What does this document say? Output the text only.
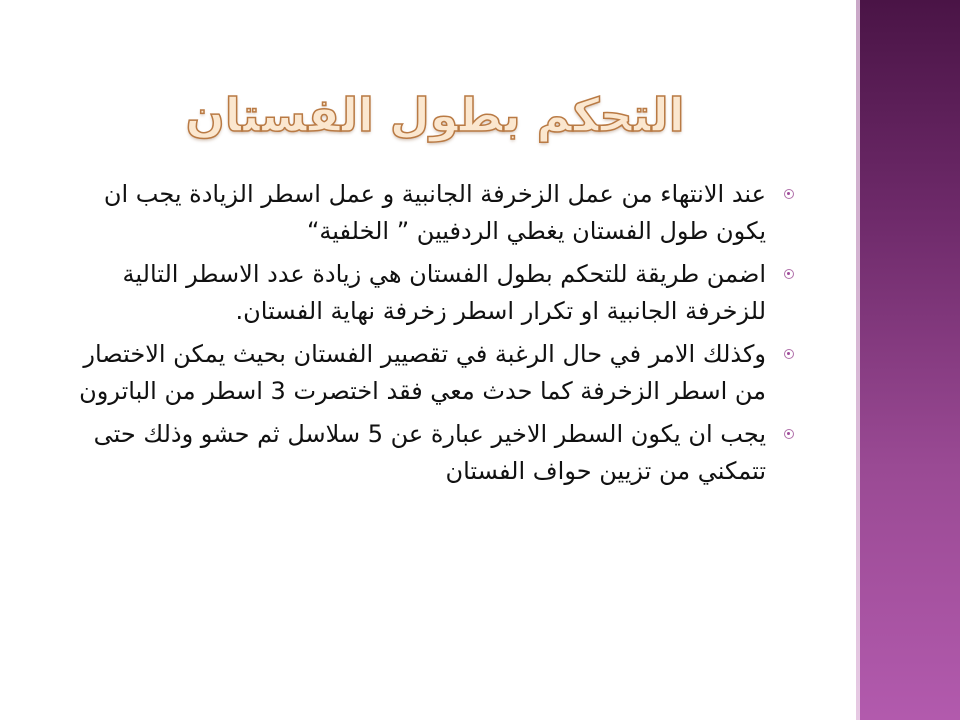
التحكم بطول الفستان
عند الانتهاء من عمل الزخرفة الجانبية و عمل اسطر الزيادة يجب ان يكون طول الفستان يغطي الردفيين ” الخلفية“
اضمن طريقة للتحكم بطول الفستان هي زيادة عدد الاسطر التالية للزخرفة الجانبية او تكرار اسطر زخرفة نهاية الفستان.
وكذلك الامر في حال الرغبة في تقصيير الفستان بحيث يمكن الاختصار من اسطر الزخرفة كما حدث معي فقد اختصرت 3 اسطر من الباترون
يجب ان يكون السطر الاخير عبارة عن 5 سلاسل ثم حشو وذلك حتى تتمكني من تزيين حواف الفستان
